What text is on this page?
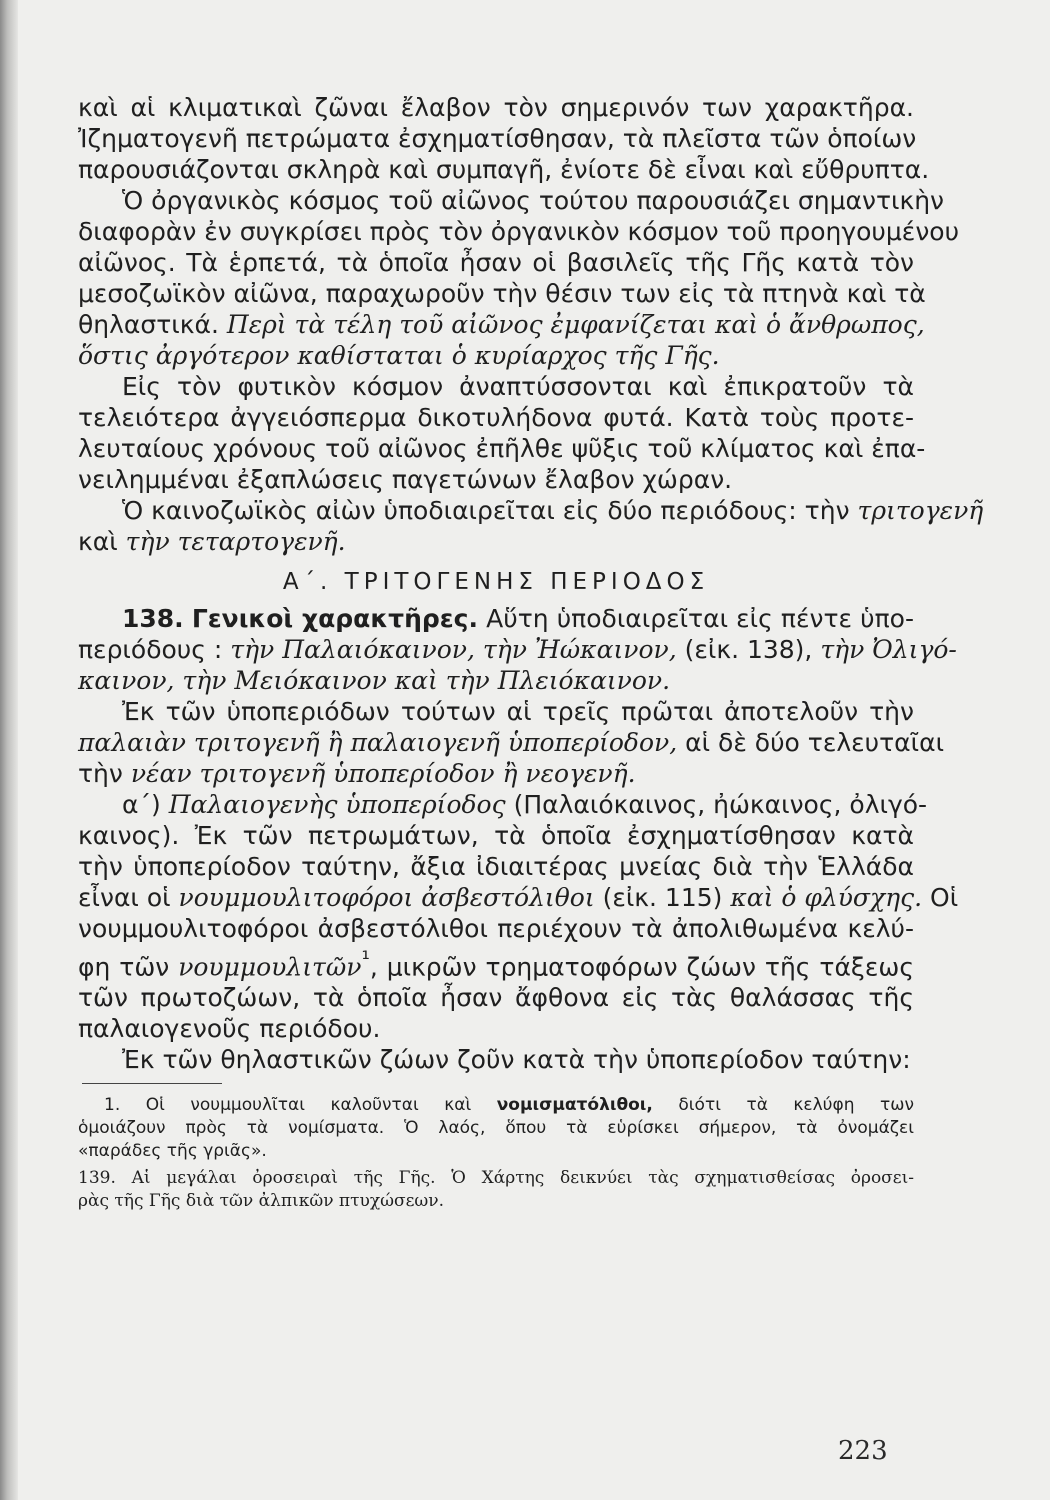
καὶ αἱ κλιματικαὶ ζῶναι ἔλαβον τὸν σημερινόν των χαρακτῆρα.
Ἰζηματογενῆ πετρώματα ἐσχηματίσθησαν, τὰ πλεῖστα τῶν ὁποίων
παρουσιάζονται σκληρὰ καὶ συμπαγῆ, ἐνίοτε δὲ εἶναι καὶ εὔθρυπτα.
Ὁ ὀργανικὸς κόσμος τοῦ αἰῶνος τούτου παρουσιάζει σημαντικὴν
διαφορὰν ἐν συγκρίσει πρὸς τὸν ὀργανικὸν κόσμον τοῦ προηγουμένου
αἰῶνος. Τὰ ἑρπετά, τὰ ὁποῖα ἦσαν οἱ βασιλεῖς τῆς Γῆς κατὰ τὸν
μεσοζωϊκὸν αἰῶνα, παραχωροῦν τὴν θέσιν των εἰς τὰ πτηνὰ καὶ τὰ
θηλαστικά. Περὶ τὰ τέλη τοῦ αἰῶνος ἐμφανίζεται καὶ ὁ ἄνθρωπος,
ὅστις ἀργότερον καθίσταται ὁ κυρίαρχος τῆς Γῆς.
Εἰς τὸν φυτικὸν κόσμον ἀναπτύσσονται καὶ ἐπικρατοῦν τὰ
τελειότερα ἀγγειόσπερμα δικοτυλήδονα φυτά. Κατὰ τοὺς προτε-
λευταίους χρόνους τοῦ αἰῶνος ἐπῆλθε ψῦξις τοῦ κλίματος καὶ ἐπα-
νειλημμέναι ἐξαπλώσεις παγετώνων ἔλαβον χώραν.
Ὁ καινοζωϊκὸς αἰὼν ὑποδιαιρεῖται εἰς δύο περιόδους: τὴν τριτογενῆ
καὶ τὴν τεταρτογενῆ.
Α΄. ΤΡΙΤΟΓΕΝΗΣ ΠΕΡΙΟΔΟΣ
138. Γενικοὶ χαρακτῆρες. Αὕτη ὑποδιαιρεῖται εἰς πέντε ὑπο-
περιόδους : τὴν Παλαιόκαινον, τὴν Ἠώκαινον, (εἰκ. 138), τὴν Ὀλιγό-
καινον, τὴν Μειόκαινον καὶ τὴν Πλειόκαινον.
Ἐκ τῶν ὑποπεριόδων τούτων αἱ τρεῖς πρῶται ἀποτελοῦν τὴν
παλαιὰν τριτογενῆ ἢ παλαιογενῆ ὑποπερίοδον, αἱ δὲ δύο τελευταῖαι
τὴν νέαν τριτογενῆ ὑποπερίοδον ἢ νεογενῆ.
α΄) Παλαιογενὴς ὑποπερίοδος (Παλαιόκαινος, ἠώκαινος, ὀλιγό-
καινος). Ἐκ τῶν πετρωμάτων, τὰ ὁποῖα ἐσχηματίσθησαν κατὰ
τὴν ὑποπερίοδον ταύτην, ἄξια ἰδιαιτέρας μνείας διὰ τὴν Ἑλλάδα
εἶναι οἱ νουμμουλιτοφόροι ἀσβεστόλιθοι (εἰκ. 115) καὶ ὁ φλύσχης. Οἱ
νουμμουλιτοφόροι ἀσβεστόλιθοι περιέχουν τὰ ἀπολιθωμένα κελύ-
φη τῶν νουμμουλιτῶν$^{^1}$, μικρῶν τρηματοφόρων ζώων τῆς τάξεως
τῶν πρωτοζώων, τὰ ὁποῖα ἦσαν ἄφθονα εἰς τὰς θαλάσσας τῆς
παλαιογενοῦς περιόδου.
Ἐκ τῶν θηλαστικῶν ζώων ζοῦν κατὰ τὴν ὑποπερίοδον ταύτην:
1. Οἱ νουμμουλῖται καλοῦνται καὶ νομισματόλιθοι, διότι τὰ κελύφη των
ὁμοιάζουν πρὸς τὰ νομίσματα. Ὁ λαός, ὅπου τὰ εὑρίσκει σήμερον, τὰ ὀνομάζει
«παράδες τῆς γριᾶς».
139. Αἱ μεγάλαι ὀροσειραὶ τῆς Γῆς. Ὁ Χάρτης δεικνύει τὰς σχηματισθείσας ὀροσει-
ρὰς τῆς Γῆς διὰ τῶν ἀλπικῶν πτυχώσεων.
223
